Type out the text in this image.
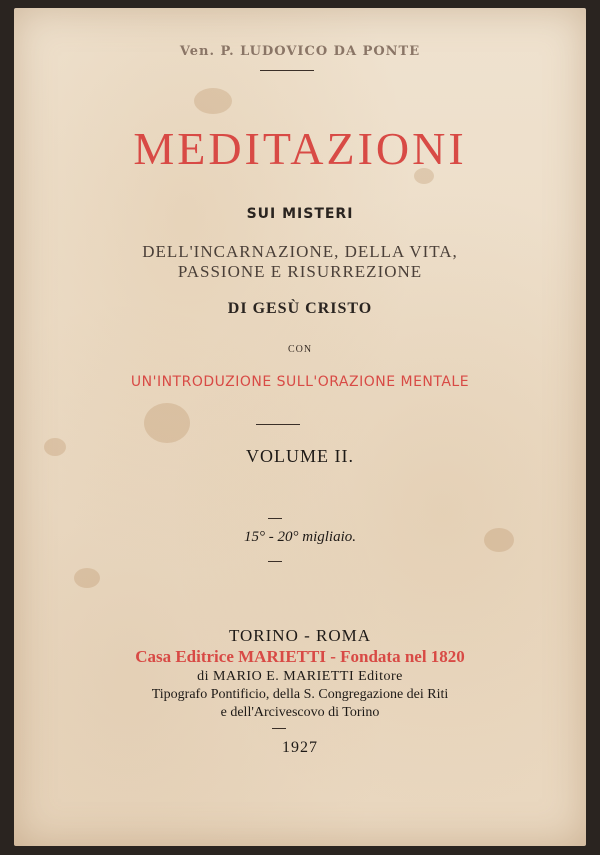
Ven. P. LUDOVICO DA PONTE
MEDITAZIONI
SUI MISTERI
DELL'INCARNAZIONE, DELLA VITA,
PASSIONE E RISURREZIONE
DI GESÙ CRISTO
CON
UN'INTRODUZIONE SULL'ORAZIONE MENTALE
VOLUME II.
15° - 20° migliaio.
TORINO - ROMA
Casa Editrice MARIETTI - Fondata nel 1820
di MARIO E. MARIETTI Editore
Tipografo Pontificio, della S. Congregazione dei Riti
e dell'Arcivescovo di Torino
1927
